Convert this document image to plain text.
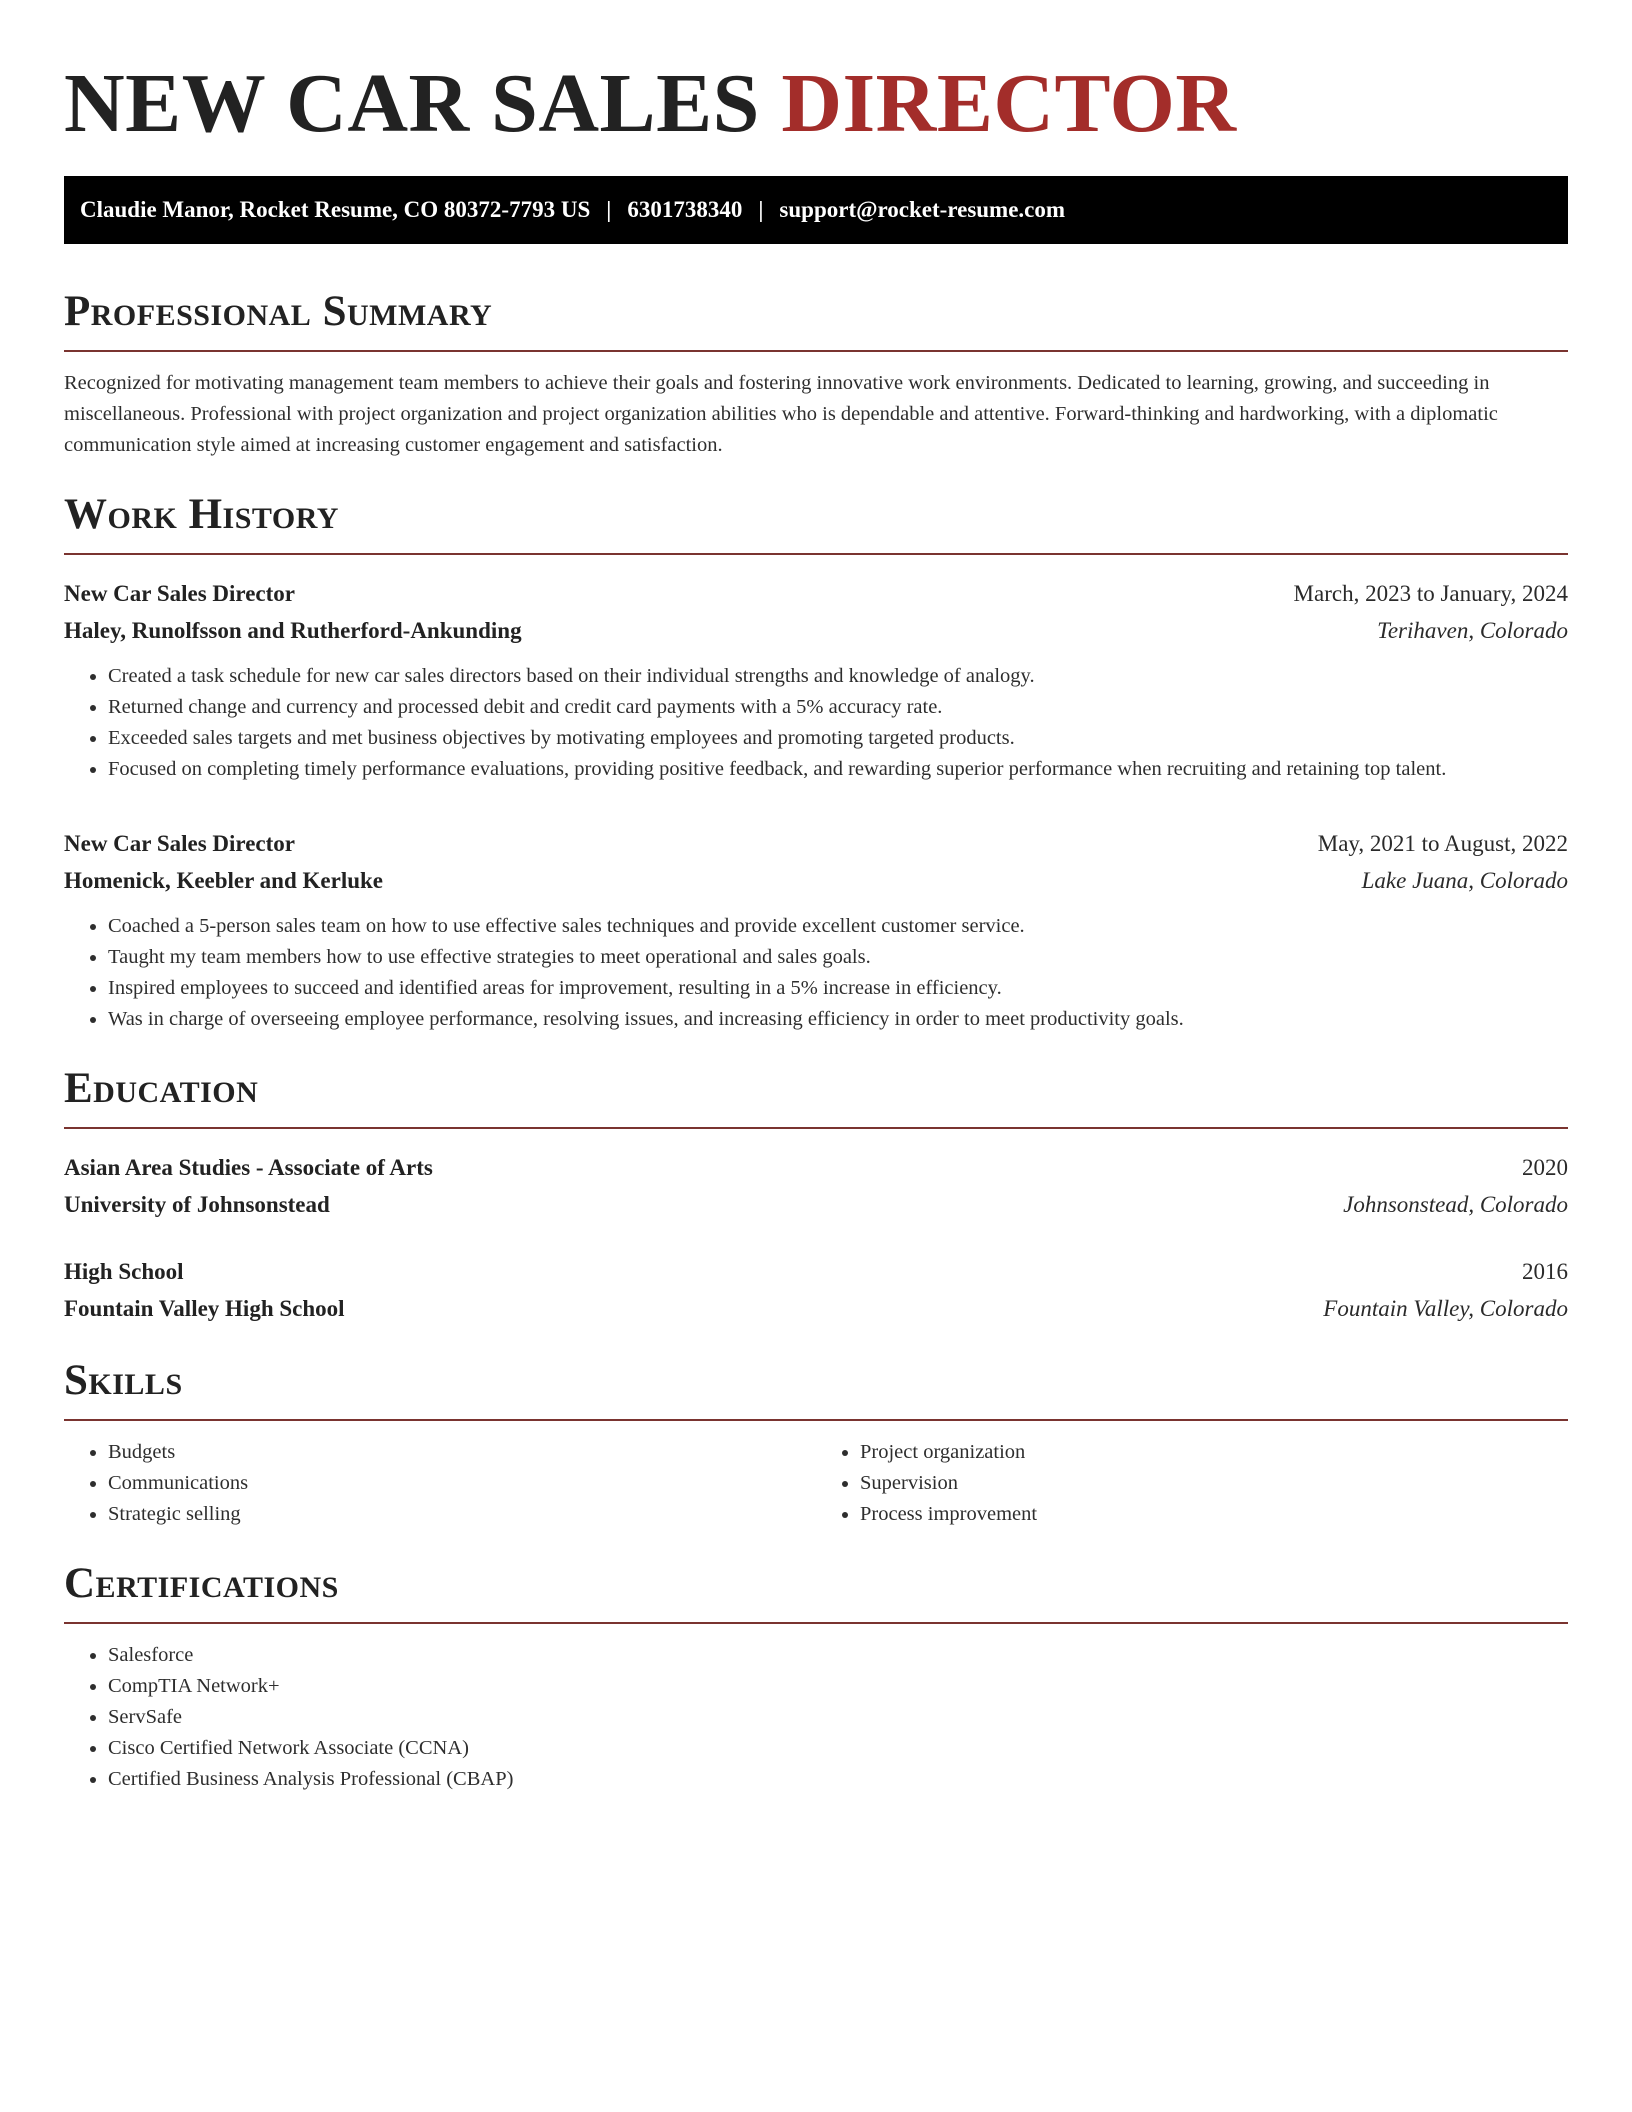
NEW CAR SALES DIRECTOR
Claudie Manor, Rocket Resume, CO 80372-7793 US | 6301738340 | support@rocket-resume.com
Professional Summary

Recognized for motivating management team members to achieve their goals and fostering innovative work environments. Dedicated to learning, growing, and succeeding in miscellaneous. Professional with project organization and project organization abilities who is dependable and attentive. Forward-thinking and hardworking, with a diplomatic communication style aimed at increasing customer engagement and satisfaction.

Work History
New Car Sales Director	March, 2023 to January, 2024
Haley, Runolfsson and Rutherford-Ankunding	Terihaven, Colorado
• Created a task schedule for new car sales directors based on their individual strengths and knowledge of analogy.
• Returned change and currency and processed debit and credit card payments with a 5% accuracy rate.
• Exceeded sales targets and met business objectives by motivating employees and promoting targeted products.
• Focused on completing timely performance evaluations, providing positive feedback, and rewarding superior performance when recruiting and retaining top talent.
New Car Sales Director	May, 2021 to August, 2022
Homenick, Keebler and Kerluke	Lake Juana, Colorado
• Coached a 5-person sales team on how to use effective sales techniques and provide excellent customer service.
• Taught my team members how to use effective strategies to meet operational and sales goals.
• Inspired employees to succeed and identified areas for improvement, resulting in a 5% increase in efficiency.
• Was in charge of overseeing employee performance, resolving issues, and increasing efficiency in order to meet productivity goals.
Education
Asian Area Studies - Associate of Arts	2020
University of Johnsonstead	Johnsonstead, Colorado
High School	2016
Fountain Valley High School	Fountain Valley, Colorado
Skills
• Budgets
• Communications
• Strategic selling
• Project organization
• Supervision
• Process improvement
Certifications
• Salesforce
• CompTIA Network+
• ServSafe
• Cisco Certified Network Associate (CCNA)
• Certified Business Analysis Professional (CBAP)
